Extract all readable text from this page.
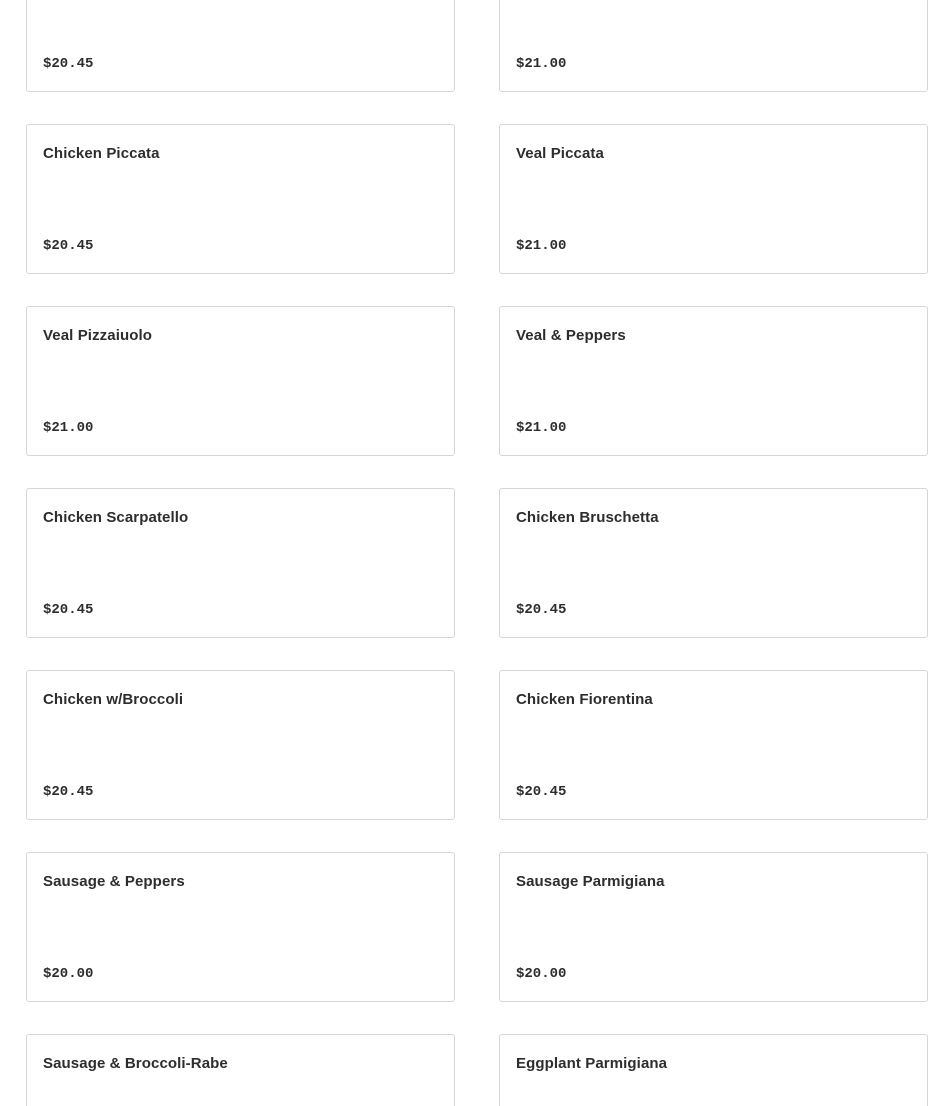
$20.45	$21.00
Chicken Piccata
$20.45
Veal Piccata
$21.00
Veal Pizzaiuolo
$21.00
Veal & Peppers
$21.00
Chicken Scarpatello
$20.45
Chicken Bruschetta
$20.45
Chicken w/Broccoli
$20.45
Chicken Fiorentina
$20.45
Sausage & Peppers
$20.00
Sausage Parmigiana
$20.00
Sausage & Broccoli-Rabe	Eggplant Parmigiana
